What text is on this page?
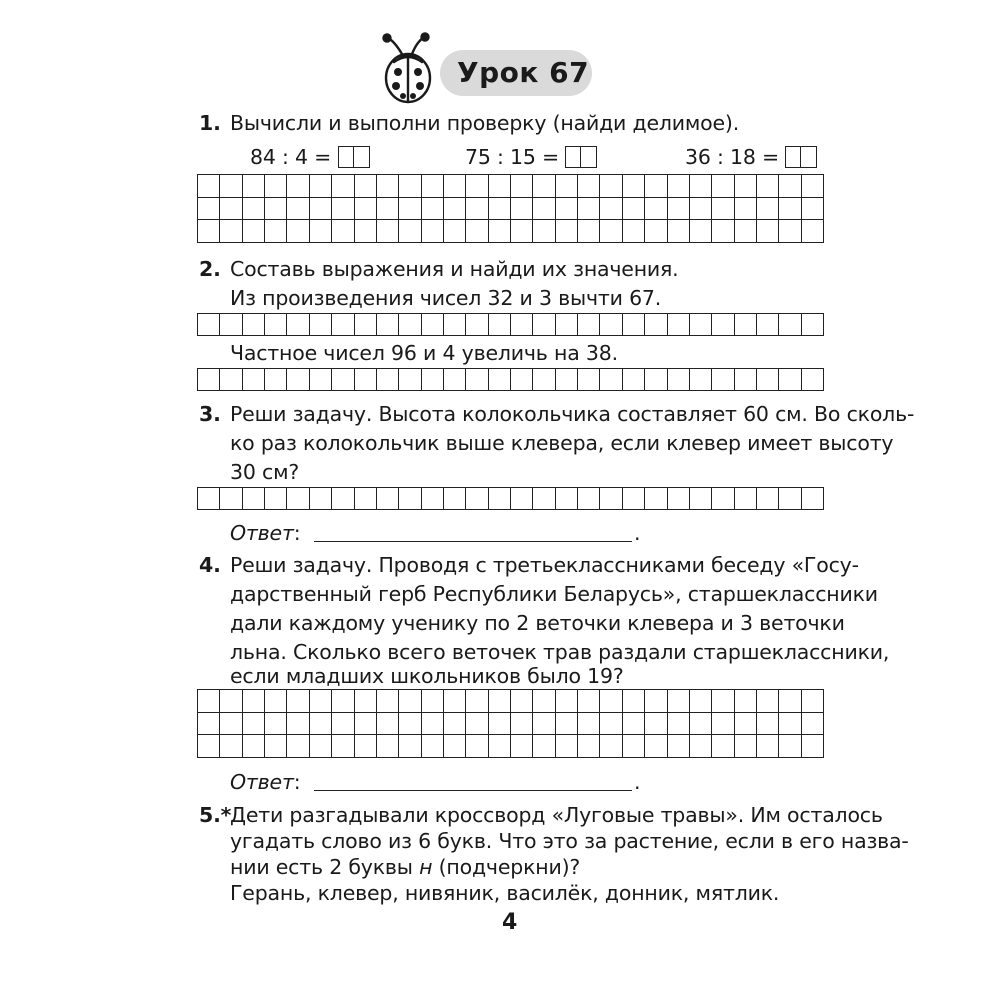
Урок 67
1. Вычисли и выполни проверку (найди делимое).
84 : 4 =	75 : 15 =	36 : 18 =
2. Составь выражения и найди их значения.
Из произведения чисел 32 и 3 вычти 67.
Частное чисел 96 и 4 увеличь на 38.
3. Реши задачу. Высота колокольчика составляет 60 см. Во сколь-
ко раз колокольчик выше клевера, если клевер имеет высоту
30 см?
Ответ:	.
4. Реши задачу. Проводя с третьеклассниками беседу «Госу-
дарственный герб Республики Беларусь», старшеклассники
дали каждому ученику по 2 веточки клевера и 3 веточки
льна. Сколько всего веточек трав раздали старшеклассники,
если младших школьников было 19?
Ответ:	.
5.*
Дети разгадывали кроссворд «Луговые травы». Им осталось
угадать слово из 6 букв. Что это за растение, если в его назва-
нии есть 2 буквы н (подчеркни)?
Герань, клевер, нивяник, василёк, донник, мятлик.
4
